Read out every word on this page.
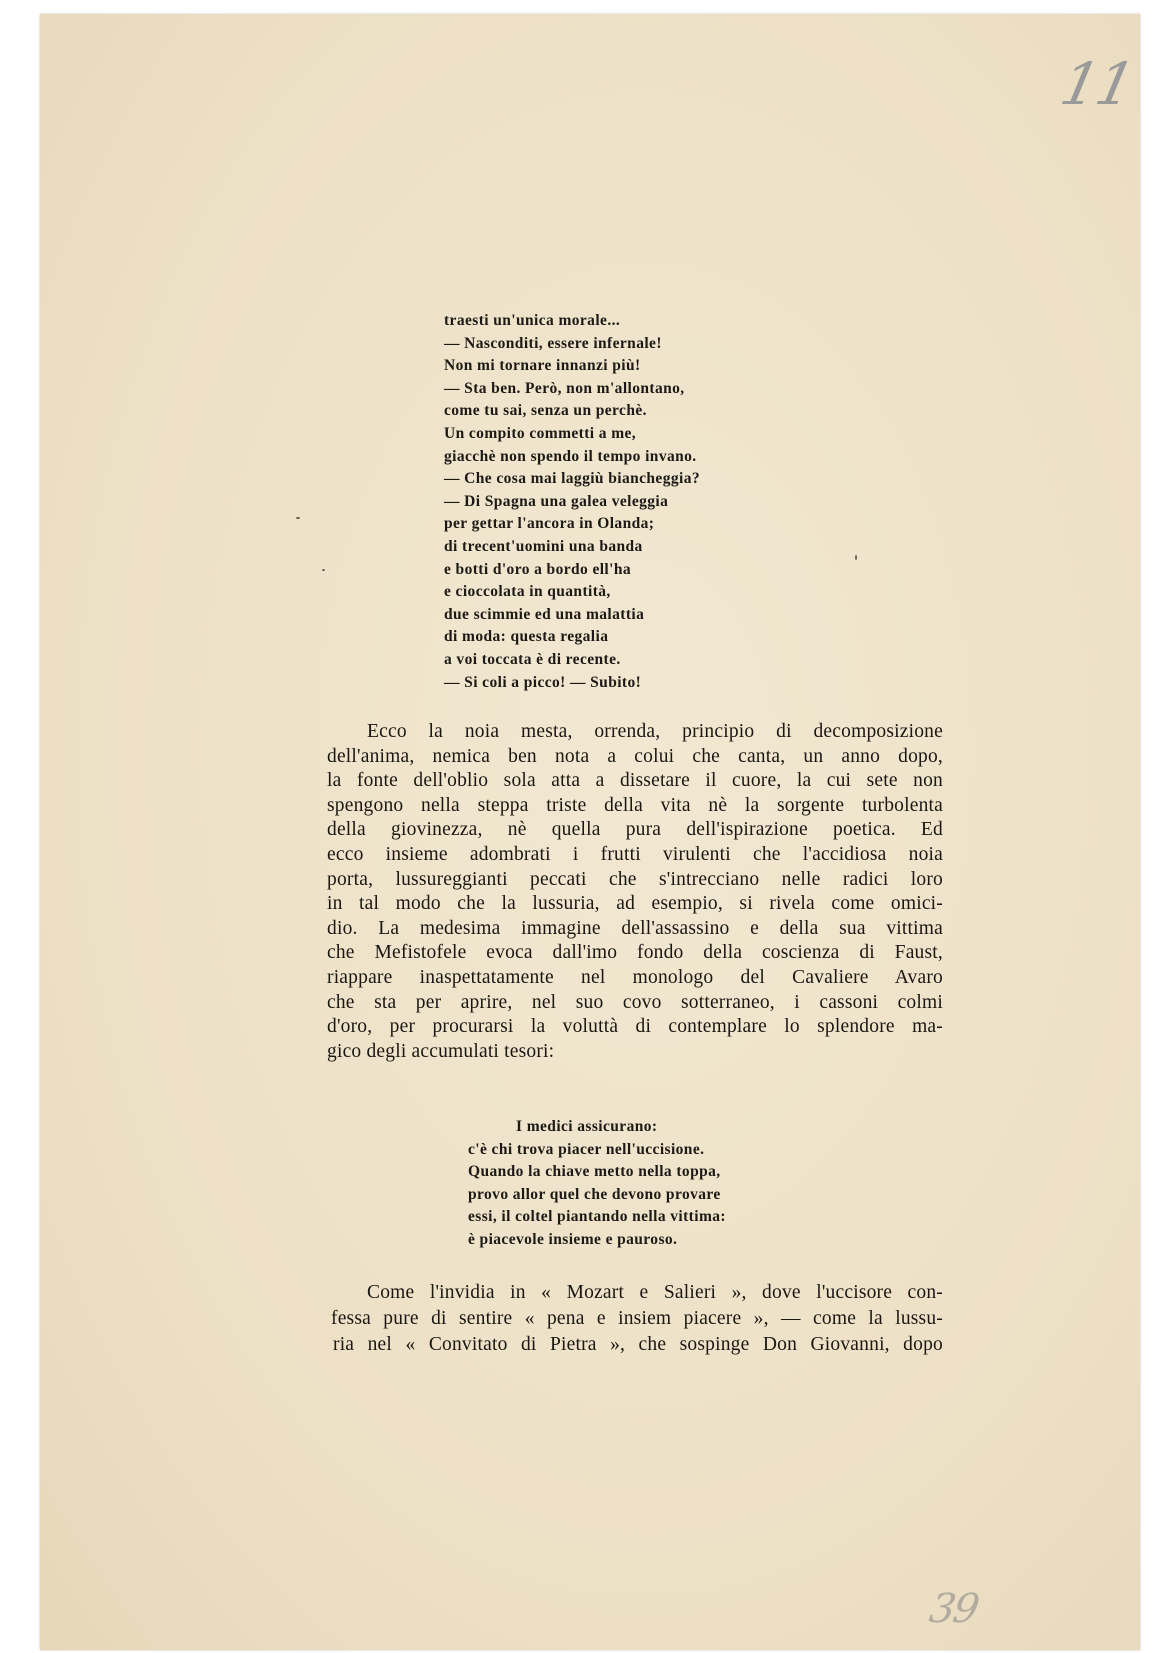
11
traesti un'unica morale...
— Nasconditi, essere infernale!
Non mi tornare innanzi più!
— Sta ben. Però, non m'allontano,
come tu sai, senza un perchè.
Un compito commetti a me,
giacchè non spendo il tempo invano.
— Che cosa mai laggiù biancheggia?
— Di Spagna una galea veleggia
per gettar l'ancora in Olanda;
di trecent'uomini una banda
e botti d'oro a bordo ell'ha
e cioccolata in quantità,
due scimmie ed una malattia
di moda: questa regalia
a voi toccata è di recente.
— Si coli a picco! — Subito!
Ecco la noia mesta, orrenda, principio di decomposizione
dell'anima, nemica ben nota a colui che canta, un anno dopo,
la fonte dell'oblio sola atta a dissetare il cuore, la cui sete non
spengono nella steppa triste della vita nè la sorgente turbolenta
della giovinezza, nè quella pura dell'ispirazione poetica. Ed
ecco insieme adombrati i frutti virulenti che l'accidiosa noia
porta, lussureggianti peccati che s'intrecciano nelle radici loro
in tal modo che la lussuria, ad esempio, si rivela come omici-
dio. La medesima immagine dell'assassino e della sua vittima
che Mefistofele evoca dall'imo fondo della coscienza di Faust,
riappare inaspettatamente nel monologo del Cavaliere Avaro
che sta per aprire, nel suo covo sotterraneo, i cassoni colmi
d'oro, per procurarsi la voluttà di contemplare lo splendore ma-
gico degli accumulati tesori:
I medici assicurano:
c'è chi trova piacer nell'uccisione.
Quando la chiave metto nella toppa,
provo allor quel che devono provare
essi, il coltel piantando nella vittima:
è piacevole insieme e pauroso.
Come l'invidia in « Mozart e Salieri », dove l'uccisore con-
fessa pure di sentire « pena e insiem piacere », — come la lussu-
ria nel « Convitato di Pietra », che sospinge Don Giovanni, dopo
39
